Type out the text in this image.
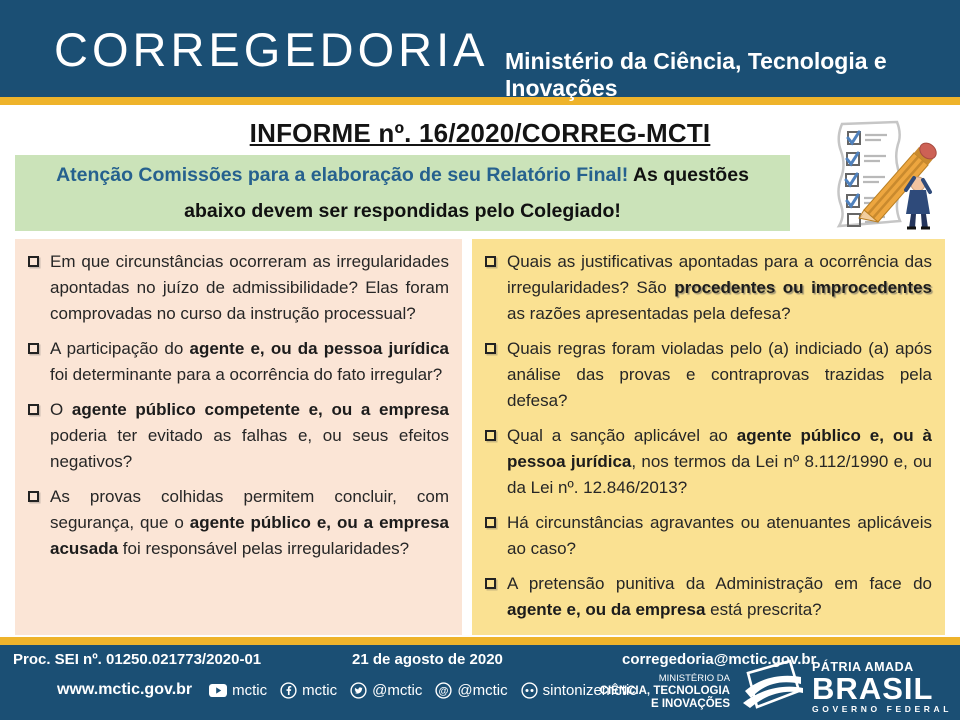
CORREGEDORIA Ministério da Ciência, Tecnologia e Inovações
INFORME nº. 16/2020/CORREG-MCTI
Atenção Comissões para a elaboração de seu Relatório Final! As questões abaixo devem ser respondidas pelo Colegiado!
Em que circunstâncias ocorreram as irregularidades apontadas no juízo de admissibilidade? Elas foram comprovadas no curso da instrução processual?
A participação do agente e, ou da pessoa jurídica foi determinante para a ocorrência do fato irregular?
O agente público competente e, ou a empresa poderia ter evitado as falhas e, ou seus efeitos negativos?
As provas colhidas permitem concluir, com segurança, que o agente público e, ou a empresa acusada foi responsável pelas irregularidades?
Quais as justificativas apontadas para a ocorrência das irregularidades? São procedentes ou improcedentes as razões apresentadas pela defesa?
Quais regras foram violadas pelo (a) indiciado (a) após análise das provas e contraprovas trazidas pela defesa?
Qual a sanção aplicável ao agente público e, ou à pessoa jurídica, nos termos da Lei nº 8.112/1990 e, ou da Lei nº. 12.846/2013?
Há circunstâncias agravantes ou atenuantes aplicáveis ao caso?
A pretensão punitiva da Administração em face do agente e, ou da empresa está prescrita?
Proc. SEI nº. 01250.021773/2020-01	21 de agosto de 2020	corregedoria@mctic.gov.br
www.mctic.gov.br	mctic mctic @mctic @ @mctic sintonizemctic
MINISTÉRIO DA
CIÊNCIA, TECNOLOGIA
E INOVAÇÕES
PÁTRIA AMADA
BRASIL
GOVERNO FEDERAL
